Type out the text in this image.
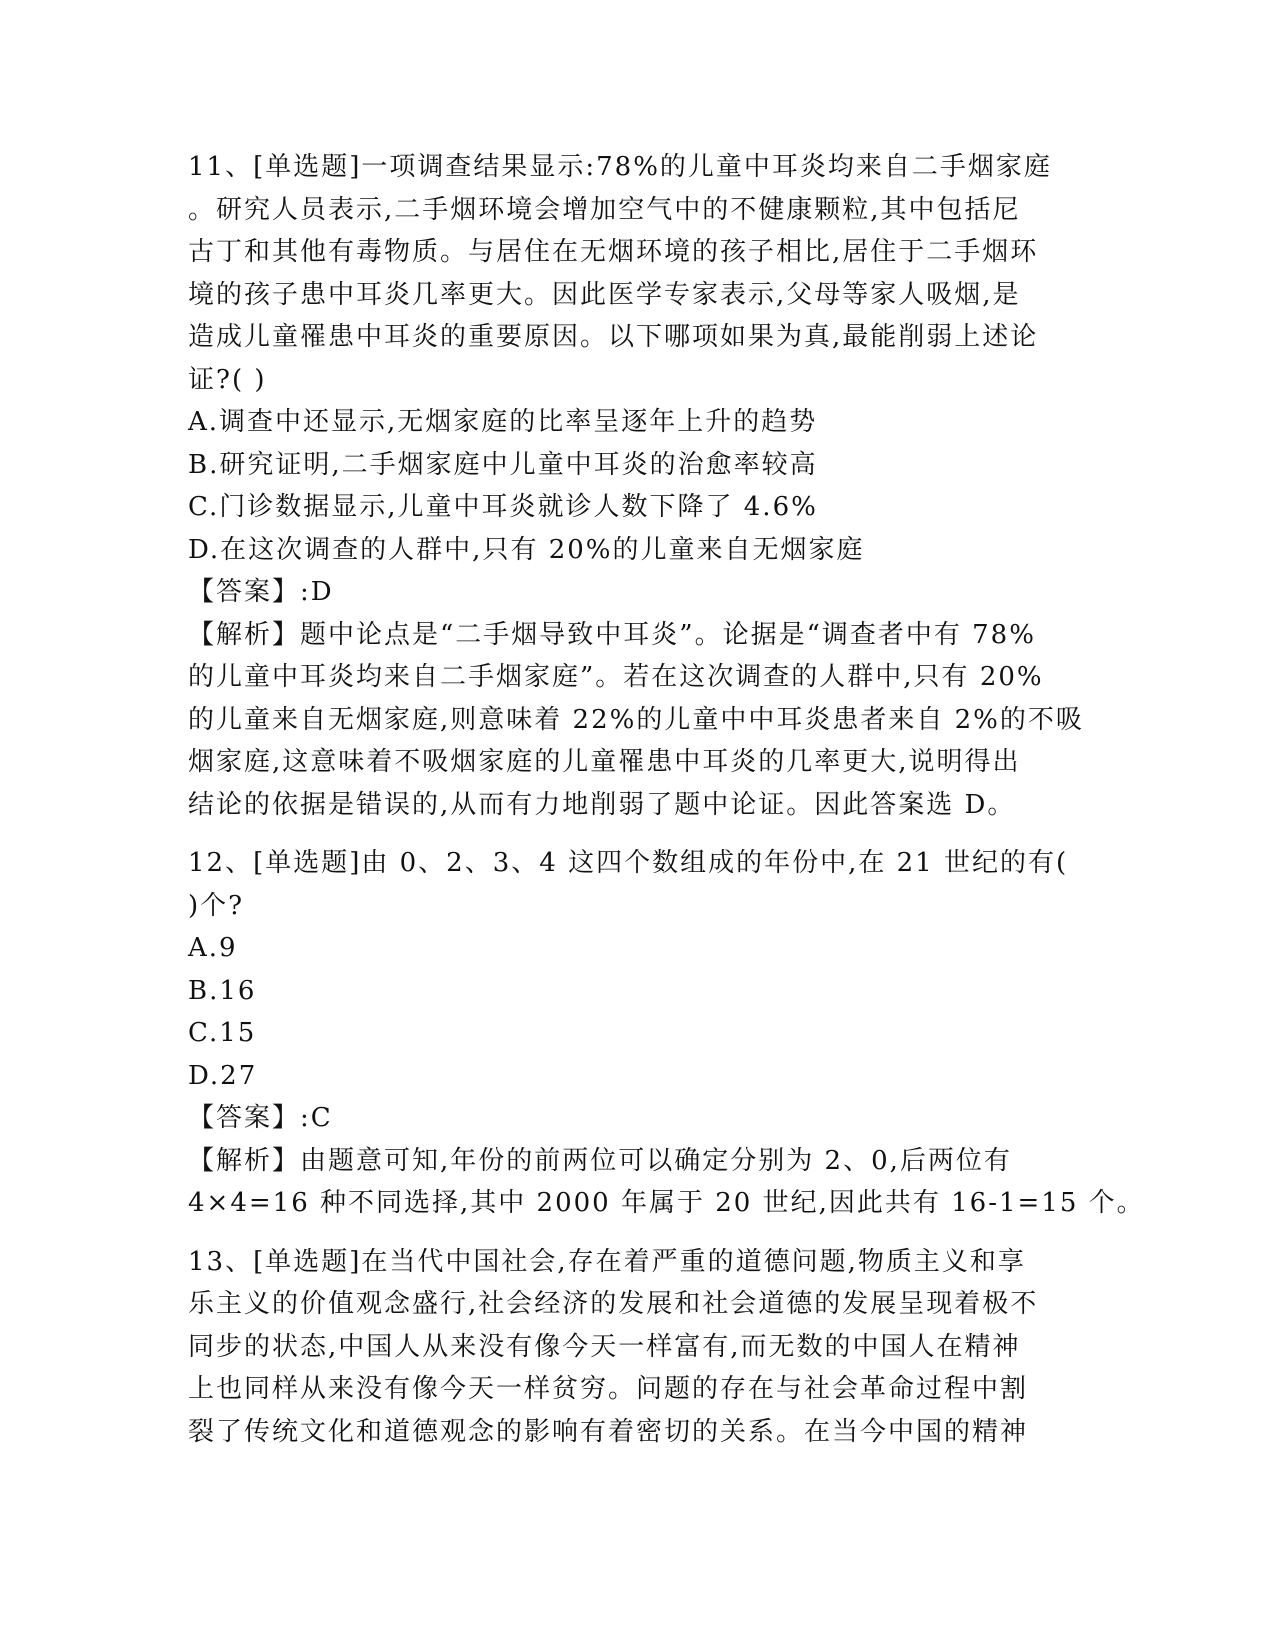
11、[单选题]一项调查结果显示:78%的儿童中耳炎均来自二手烟家庭
。研究人员表示,二手烟环境会增加空气中的不健康颗粒,其中包括尼
古丁和其他有毒物质。与居住在无烟环境的孩子相比,居住于二手烟环
境的孩子患中耳炎几率更大。因此医学专家表示,父母等家人吸烟,是
造成儿童罹患中耳炎的重要原因。以下哪项如果为真,最能削弱上述论
证?( )
A.调查中还显示,无烟家庭的比率呈逐年上升的趋势
B.研究证明,二手烟家庭中儿童中耳炎的治愈率较高
C.门诊数据显示,儿童中耳炎就诊人数下降了 4.6%
D.在这次调查的人群中,只有 20%的儿童来自无烟家庭
【答案】:D
【解析】题中论点是“二手烟导致中耳炎”。论据是“调查者中有 78%
的儿童中耳炎均来自二手烟家庭”。若在这次调查的人群中,只有 20%
的儿童来自无烟家庭,则意味着 22%的儿童中中耳炎患者来自 2%的不吸
烟家庭,这意味着不吸烟家庭的儿童罹患中耳炎的几率更大,说明得出
结论的依据是错误的,从而有力地削弱了题中论证。因此答案选 D。
12、[单选题]由 0、2、3、4 这四个数组成的年份中,在 21 世纪的有(
)个?
A.9
B.16
C.15
D.27
【答案】:C
【解析】由题意可知,年份的前两位可以确定分别为 2、0,后两位有
4×4=16 种不同选择,其中 2000 年属于 20 世纪,因此共有 16-1=15 个。
13、[单选题]在当代中国社会,存在着严重的道德问题,物质主义和享
乐主义的价值观念盛行,社会经济的发展和社会道德的发展呈现着极不
同步的状态,中国人从来没有像今天一样富有,而无数的中国人在精神
上也同样从来没有像今天一样贫穷。问题的存在与社会革命过程中割
裂了传统文化和道德观念的影响有着密切的关系。在当今中国的精神
